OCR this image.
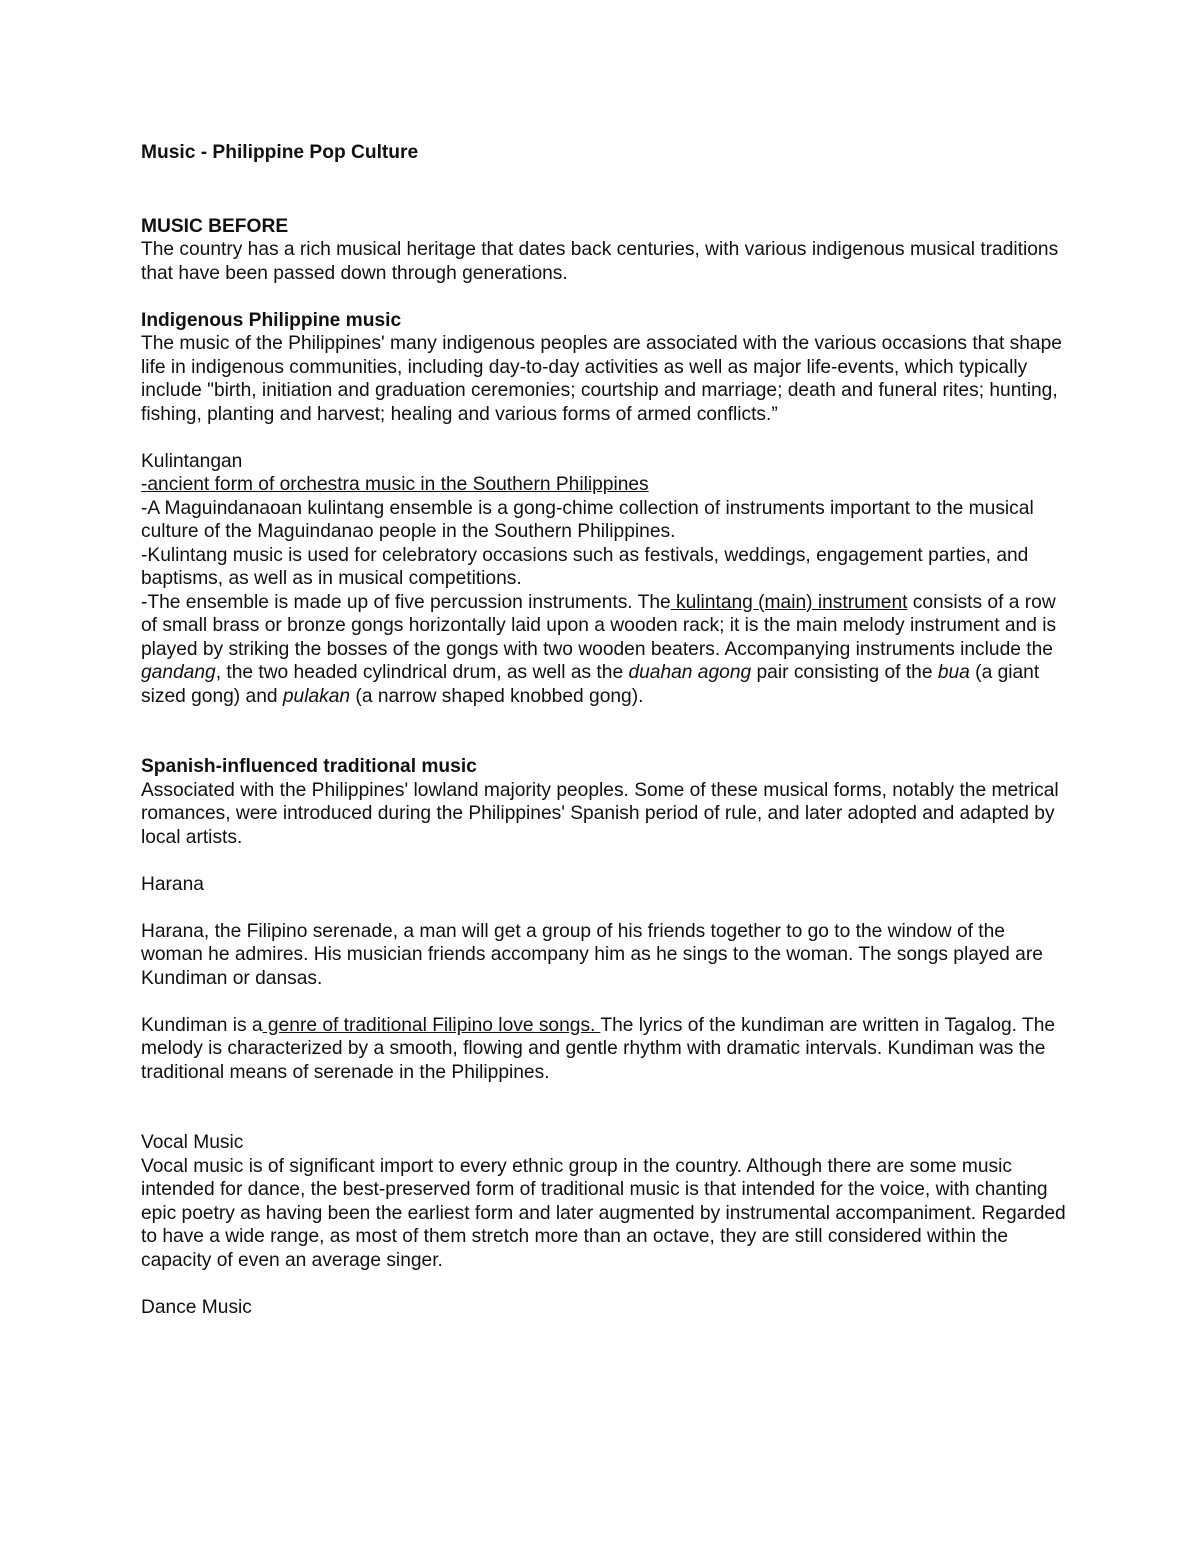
Music - Philippine Pop Culture

MUSIC BEFORE

The country has a rich musical heritage that dates back centuries, with various indigenous musical traditions that have been passed down through generations.

Indigenous Philippine music

The music of the Philippines' many indigenous peoples are associated with the various occasions that shape life in indigenous communities, including day-to-day activities as well as major life-events, which typically include "birth, initiation and graduation ceremonies; courtship and marriage; death and funeral rites; hunting, fishing, planting and harvest; healing and various forms of armed conflicts.”

Kulintangan

-ancient form of orchestra music in the Southern Philippines

-A Maguindanaoan kulintang ensemble is a gong-chime collection of instruments important to the musical culture of the Maguindanao people in the Southern Philippines.

-Kulintang music is used for celebratory occasions such as festivals, weddings, engagement parties, and baptisms, as well as in musical competitions.

-The ensemble is made up of five percussion instruments. The kulintang (main) instrument consists of a row of small brass or bronze gongs horizontally laid upon a wooden rack; it is the main melody instrument and is played by striking the bosses of the gongs with two wooden beaters. Accompanying instruments include the gandang, the two headed cylindrical drum, as well as the duahan agong pair consisting of the bua (a giant sized gong) and pulakan (a narrow shaped knobbed gong).

Spanish-influenced traditional music

Associated with the Philippines' lowland majority peoples. Some of these musical forms, notably the metrical romances, were introduced during the Philippines' Spanish period of rule, and later adopted and adapted by local artists.

Harana

Harana, the Filipino serenade, a man will get a group of his friends together to go to the window of the woman he admires. His musician friends accompany him as he sings to the woman. The songs played are Kundiman or dansas.

Kundiman is a genre of traditional Filipino love songs. The lyrics of the kundiman are written in Tagalog. The melody is characterized by a smooth, flowing and gentle rhythm with dramatic intervals. Kundiman was the traditional means of serenade in the Philippines.

Vocal Music

Vocal music is of significant import to every ethnic group in the country. Although there are some music intended for dance, the best-preserved form of traditional music is that intended for the voice, with chanting epic poetry as having been the earliest form and later augmented by instrumental accompaniment. Regarded to have a wide range, as most of them stretch more than an octave, they are still considered within the capacity of even an average singer.

Dance Music
